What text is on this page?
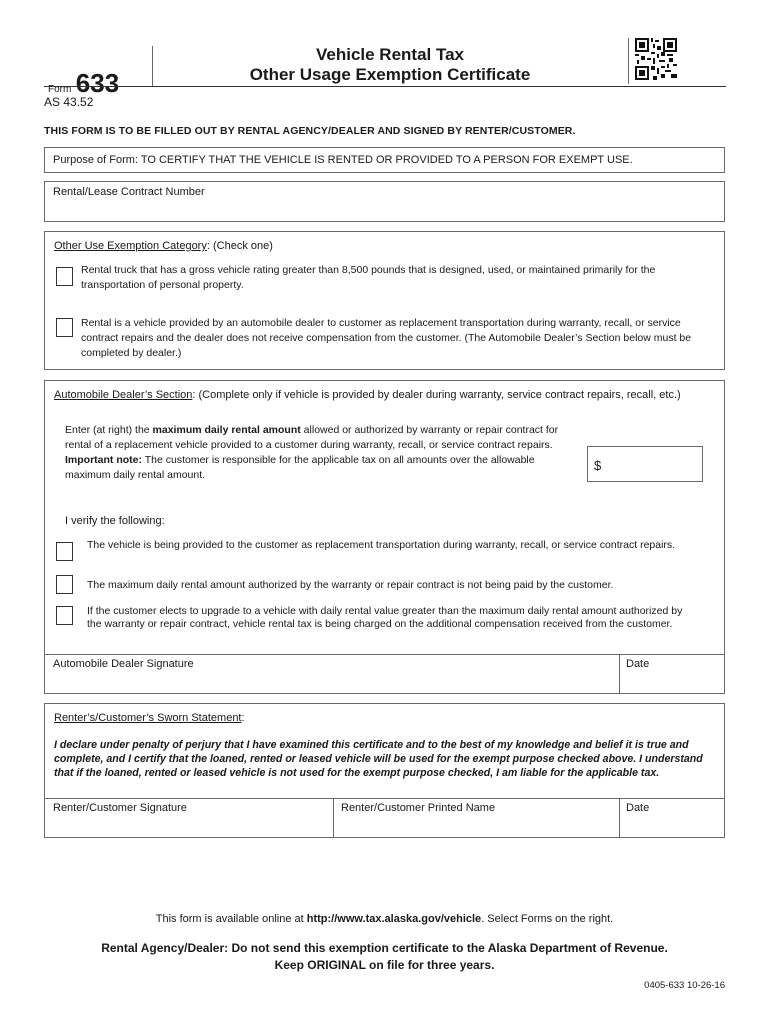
Form 633
Vehicle Rental Tax
Other Usage Exemption Certificate
AS 43.52
THIS FORM IS TO BE FILLED OUT BY RENTAL AGENCY/DEALER AND SIGNED BY RENTER/CUSTOMER.
Purpose of Form: TO CERTIFY THAT THE VEHICLE IS RENTED OR PROVIDED TO A PERSON FOR EXEMPT USE.
Rental/Lease Contract Number
Other Use Exemption Category: (Check one)
Rental truck that has a gross vehicle rating greater than 8,500 pounds that is designed, used, or maintained primarily for the transportation of personal property.
Rental is a vehicle provided by an automobile dealer to customer as replacement transportation during warranty, recall, or service contract repairs and the dealer does not receive compensation from the customer. (The Automobile Dealer’s Section below must be completed by dealer.)
Automobile Dealer’s Section: (Complete only if vehicle is provided by dealer during warranty, service contract repairs, recall, etc.)
Enter (at right) the maximum daily rental amount allowed or authorized by warranty or repair contract for rental of a replacement vehicle provided to a customer during warranty, recall, or service contract repairs.
Important note: The customer is responsible for the applicable tax on all amounts over the allowable maximum daily rental amount.
$
I verify the following:
The vehicle is being provided to the customer as replacement transportation during warranty, recall, or service contract repairs.
The maximum daily rental amount authorized by the warranty or repair contract is not being paid by the customer.
If the customer elects to upgrade to a vehicle with daily rental value greater than the maximum daily rental amount authorized by the warranty or repair contract, vehicle rental tax is being charged on the additional compensation received from the customer.
Automobile Dealer Signature	Date
Renter’s/Customer’s Sworn Statement:
I declare under penalty of perjury that I have examined this certificate and to the best of my knowledge and belief it is true and complete, and I certify that the loaned, rented or leased vehicle will be used for the exempt purpose checked above. I understand that if the loaned, rented or leased vehicle is not used for the exempt purpose checked, I am liable for the applicable tax.
Renter/Customer Signature	Renter/Customer Printed Name	Date
This form is available online at http://www.tax.alaska.gov/vehicle. Select Forms on the right.
Rental Agency/Dealer: Do not send this exemption certificate to the Alaska Department of Revenue.
Keep ORIGINAL on file for three years.
0405-633 10-26-16
